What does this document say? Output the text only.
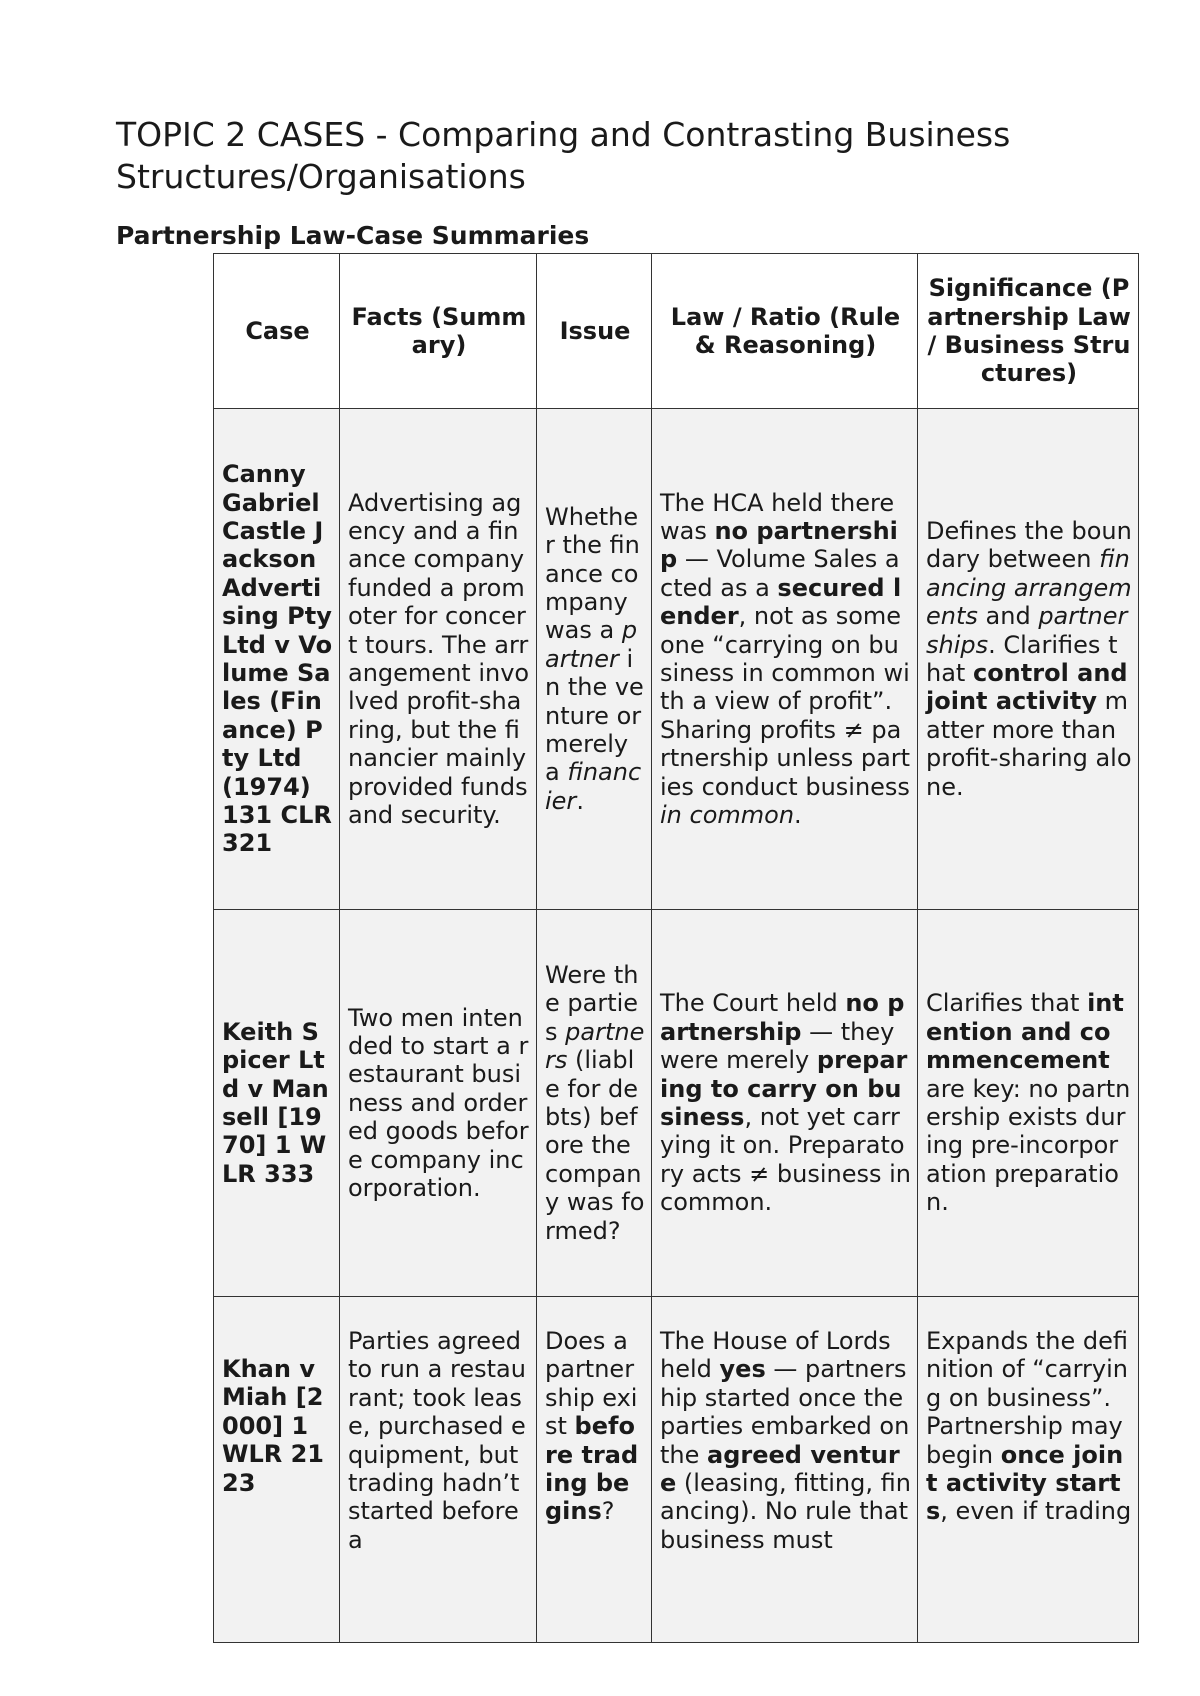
TOPIC 2 CASES - Comparing and Contrasting Business Structures/Organisations
Partnership Law-Case Summaries
Case	Facts (Summary)	Issue	Law / Ratio (Rule & Reasoning)	Significance (Partnership Law / Business Structures)
Canny Gabriel Castle Jackson Advertising Pty Ltd v Volume Sales (Finance) Pty Ltd (1974) 131 CLR 321	Advertising agency and a finance company funded a promoter for concert tours. The arrangement involved profit-sharing, but the financier mainly provided funds and security.	Whether the finance company was a partner in the venture or merely a financier.	The HCA held there was no partnership — Volume Sales acted as a secured lender, not as someone “carrying on business in common with a view of profit”. Sharing profits ≠ partnership unless parties conduct business in common.	Defines the boundary between financing arrangements and partnerships. Clarifies that control and joint activity matter more than profit-sharing alone.
Keith Spicer Ltd v Mansell [1970] 1 WLR 333	Two men intended to start a restaurant business and ordered goods before company incorporation.	Were the parties partners (liable for debts) before the company was formed?	The Court held no partnership — they were merely preparing to carry on business, not yet carrying it on. Preparatory acts ≠ business in common.	Clarifies that intention and commencement are key: no partnership exists during pre-incorporation preparation.
Khan v Miah [2000] 1 WLR 2123	Parties agreed to run a restaurant; took lease, purchased equipment, but trading hadn’t started before a	Does a partnership exist before trading begins?	The House of Lords held yes — partnership started once the parties embarked on the agreed venture (leasing, fitting, financing). No rule that business must	Expands the definition of “carrying on business”. Partnership may begin once joint activity starts, even if trading
